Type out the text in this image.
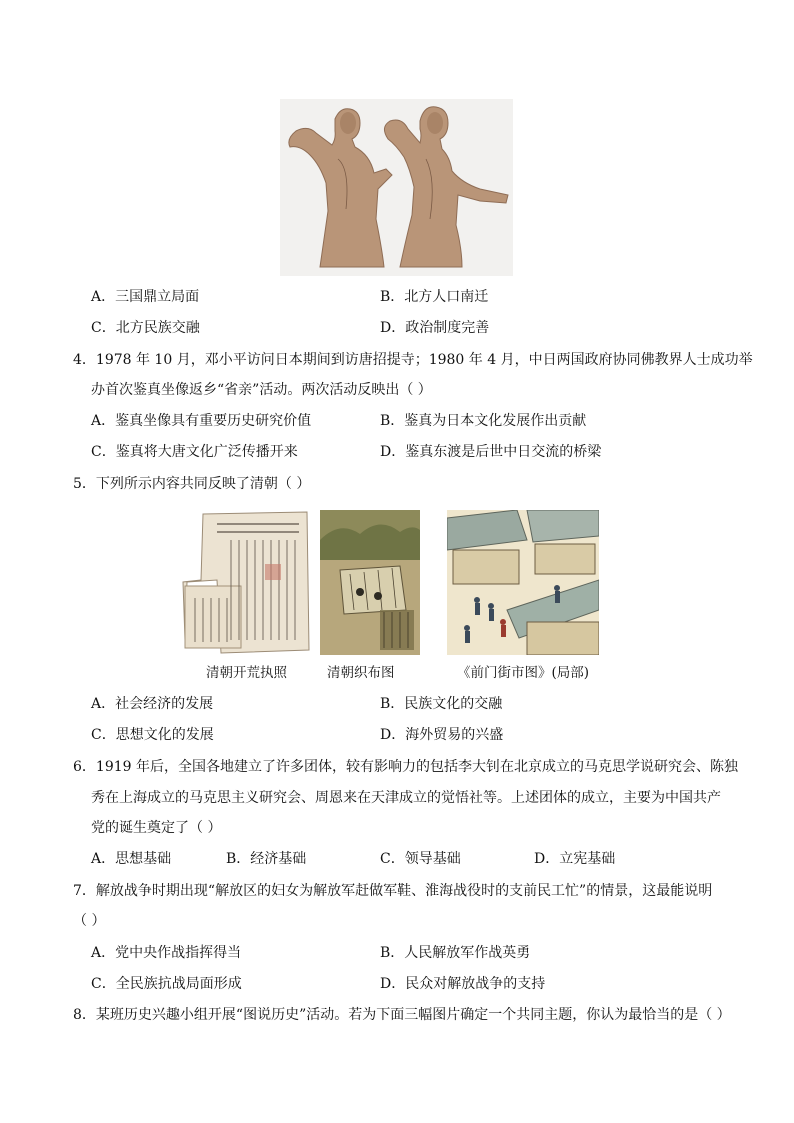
A．三国鼎立局面	B．北方人口南迁
C．北方民族交融	D．政治制度完善
4．1978 年 10 月，邓小平访问日本期间到访唐招提寺；1980 年 4 月，中日两国政府协同佛教界人士成功举
办首次鉴真坐像返乡“省亲”活动。两次活动反映出（ ）
A．鉴真坐像具有重要历史研究价值	B．鉴真为日本文化发展作出贡献
C．鉴真将大唐文化广泛传播开来	D．鉴真东渡是后世中日交流的桥梁
5．下列所示内容共同反映了清朝（ ）
清朝开荒执照	清朝织布图	《前门街市图》(局部)
A．社会经济的发展	B．民族文化的交融
C．思想文化的发展	D．海外贸易的兴盛
6．1919 年后，全国各地建立了许多团体，较有影响力的包括李大钊在北京成立的马克思学说研究会、陈独
秀在上海成立的马克思主义研究会、周恩来在天津成立的觉悟社等。上述团体的成立，主要为中国共产
党的诞生奠定了（ ）
A．思想基础	B．经济基础	C．领导基础	D．立宪基础
7．解放战争时期出现“解放区的妇女为解放军赶做军鞋、淮海战役时的支前民工忙”的情景，这最能说明
（ ）
A．党中央作战指挥得当	B．人民解放军作战英勇
C．全民族抗战局面形成	D．民众对解放战争的支持
8．某班历史兴趣小组开展“图说历史”活动。若为下面三幅图片确定一个共同主题，你认为最恰当的是（ ）
